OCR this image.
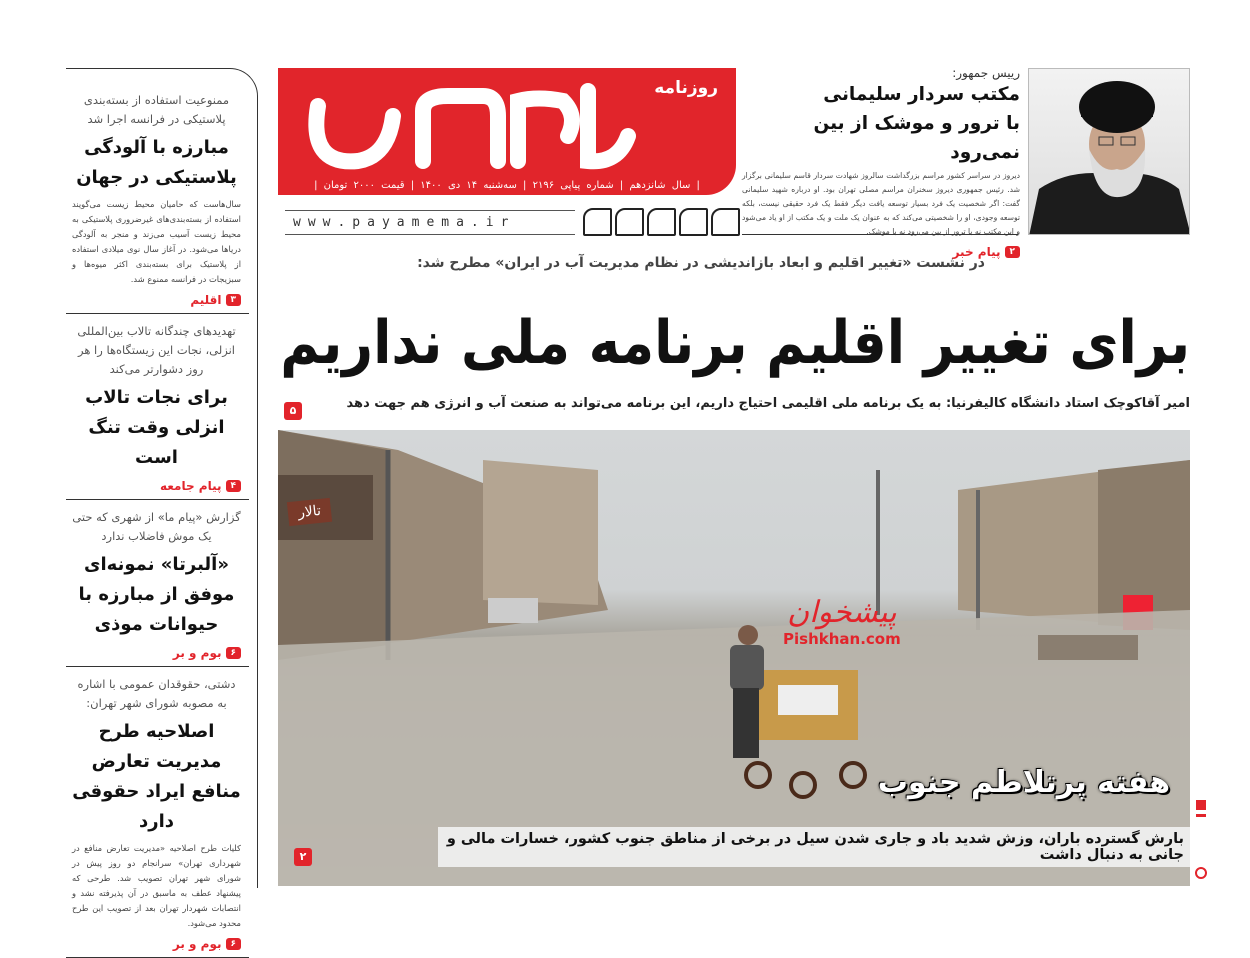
ممنوعیت استفاده از بسته‌بندی پلاستیکی در فرانسه اجرا شد
مبارزه با آلودگی پلاستیکی در جهان
سال‌هاست که حامیان محیط زیست می‌گویند استفاده از بسته‌بندی‌های غیرضروری پلاستیکی به محیط زیست آسیب می‌زند و منجر به آلودگی دریاها می‌شود. در آغاز سال نوی میلادی استفاده از پلاستیک برای بسته‌بندی اکثر میوه‌ها و سبزیجات در فرانسه ممنوع شد.
۳
اقلیم
تهدیدهای چندگانه تالاب بین‌المللی انزلی، نجات این زیستگاه‌ها را هر روز دشوارتر می‌کند
برای نجات تالاب انزلی وقت تنگ است
۴
پیام جامعه
گزارش «پیام ما» از شهری که حتی یک موش فاضلاب ندارد
«آلبرتا» نمونه‌ای موفق از مبارزه با حیوانات موذی
۶
بوم و بر
دشتی، حقوقدان عمومی با اشاره به مصوبه شورای شهر تهران:
اصلاحیه طرح مدیریت تعارض منافع ایراد حقوقی دارد
کلیات طرح اصلاحیه «مدیریت تعارض منافع در شهرداری تهران» سرانجام دو روز پیش در شورای شهر تهران تصویب شد. طرحی که پیشنهاد عطف به ماسبق در آن پذیرفته نشد و انتصابات شهردار تهران بعد از تصویب این طرح محدود می‌شود.
۶
بوم و بر
روزنامه
| سال شانزدهم | شماره پیاپی ۲۱۹۶ | سه‌شنبه ۱۴ دی ۱۴۰۰ | قیمت ۲۰۰۰ تومان |
www.payamema.ir
رییس جمهور:
مکتب سردار سلیمانی
با ترور و موشک از بین نمی‌رود
دیروز در سراسر کشور مراسم بزرگداشت سالروز شهادت سردار قاسم سلیمانی برگزار شد. رئیس جمهوری دیروز سخنران مراسم مصلی تهران بود. او درباره شهید سلیمانی گفت: اگر شخصیت یک فرد بسیار توسعه یافت دیگر فقط یک فرد حقیقی نیست، بلکه توسعه وجودی، او را شخصیتی می‌کند که به عنوان یک ملت و یک مکتب از او یاد می‌شود و این مکتب نه با ترور از بین می‌رود نه با موشک.
۲
پیام خبر
در نشست «تغییر اقلیم و ابعاد بازاندیشی در نظام مدیریت آب در ایران» مطرح شد:
برای تغییر اقلیم برنامه ملی نداریم
امیر آقاکوچک استاد دانشگاه کالیفرنیا: به یک برنامه ملی اقلیمی احتیاج داریم، این برنامه می‌تواند به صنعت آب و انرژی هم جهت دهد
۵
تالار
پیشخوان
Pishkhan.com
هفته پرتلاطم جنوب
بارش گسترده باران، وزش شدید باد و جاری شدن سیل در برخی از مناطق جنوب کشور، خسارات مالی و جانی به دنبال داشت
۲
